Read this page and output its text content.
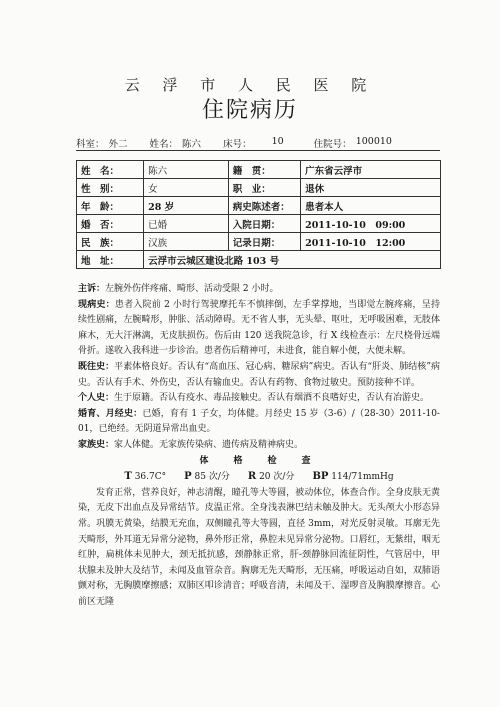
云 浮 市 人 民 医 院
住院病历
科室： 外二 姓名： 陈六 床号： 10	住院号： 100010
姓　名：	陈六	籍　贯：	广东省云浮市
性　别：	女	职　业：	退休
年　龄：	28 岁	病史陈述者：	患者本人
婚　否：	已婚	入院日期：	2011-10-10　09:00
民　族：	汉族	记录日期：	2011-10-10　12:00
地　址：	云浮市云城区建设北路 103 号		

主诉：左腕外伤伴疼痛、畸形、活动受限 2 小时。

现病史：患者入院前 2 小时行驾驶摩托车不慎摔倒，左手掌撑地，当即觉左腕疼痛，呈持续性剧痛，左腕畸形，肿胀、活动障碍。无不省人事，无头晕、呕吐，无呼吸困难，无肢体麻木，无大汗淋漓，无皮肤损伤。伤后由 120 送我院急诊，行 X 线检查示：左尺桡骨远端骨折。遂收入我科进一步诊治。患者伤后精神可，未进食，能自解小便，大便未解。

既往史：平素体格良好。否认有“高血压、冠心病、糖尿病”病史。否认有“肝炎、肺结核”病史。否认有手术、外伤史，否认有输血史。否认有药物、食物过敏史。预防接种不详。

个人史：生于原籍。否认有疫水、毒品接触史。否认有烟酒不良嗜好史，否认有冶游史。

婚育、月经史：已婚，育有 1 子女，均体健。月经史 15 岁（3-6）/（28-30）2011-10-01，已绝经。无阴道异常出血史。

家族史：家人体健。无家族传染病、遗传病及精神病史。

体　格　检　查

T 36.7C° P 85 次/分 R 20 次/分 BP 114/71mmHg

发育正常，营养良好，神志清醒，瞳孔等大等圆，被动体位，体查合作。全身皮肤无黄染，无皮下出血点及异常结节。皮温正常。全身浅表淋巴结未触及肿大。无头颅大小形态异常。巩膜无黄染，结膜无充血，双侧瞳孔等大等圆，直径 3mm，对光反射灵敏。耳廓无先天畸形，外耳道无异常分泌物，鼻外形正常，鼻腔未见异常分泌物。口唇红，无紫绀，咽无红肿，扁桃体未见肿大，颈无抵抗感，颈静脉正常，肝-颈静脉回流征阴性，气管居中，甲状腺未及肿大及结节，未闻及血管杂音。胸廓无先天畸形，无压痛，呼吸运动自如，双肺语颤对称，无胸膜摩擦感；双肺区叩诊清音；呼吸音清，未闻及干、湿啰音及胸膜摩擦音。心前区无隆
